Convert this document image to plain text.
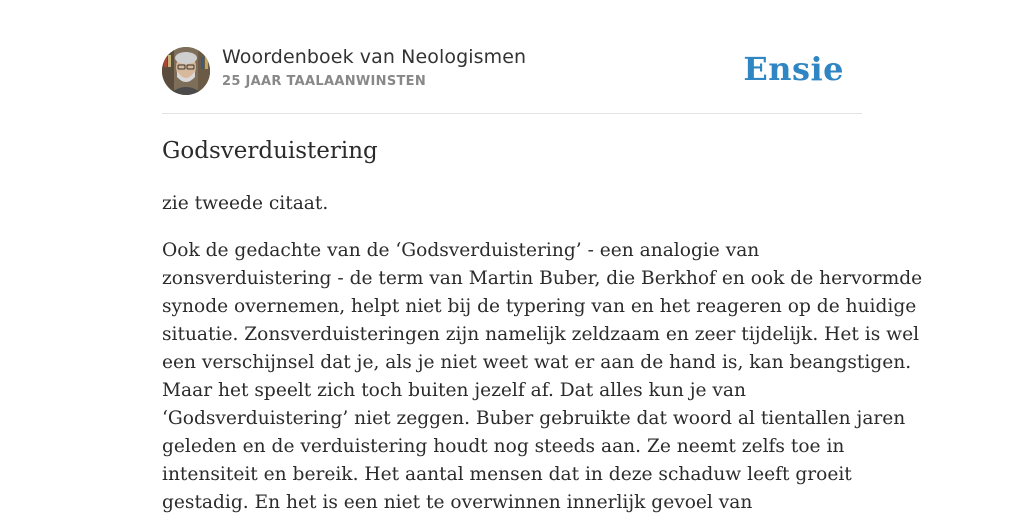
Woordenboek van Neologismen
25 JAAR TAALAANWINSTEN	Ensie
Godsverduistering
zie tweede citaat.
Ook de gedachte van de ‘Godsverduistering’ - een analogie van
zonsverduistering - de term van Martin Buber, die Berkhof en ook de hervormde
synode overnemen, helpt niet bij de typering van en het reageren op de huidige
situatie. Zonsverduisteringen zijn namelijk zeldzaam en zeer tijdelijk. Het is wel
een verschijnsel dat je, als je niet weet wat er aan de hand is, kan beangstigen.
Maar het speelt zich toch buiten jezelf af. Dat alles kun je van
‘Godsverduistering’ niet zeggen. Buber gebruikte dat woord al tientallen jaren
geleden en de verduistering houdt nog steeds aan. Ze neemt zelfs toe in
intensiteit en bereik. Het aantal mensen dat in deze schaduw leeft groeit
gestadig. En het is een niet te overwinnen innerlijk gevoel van
